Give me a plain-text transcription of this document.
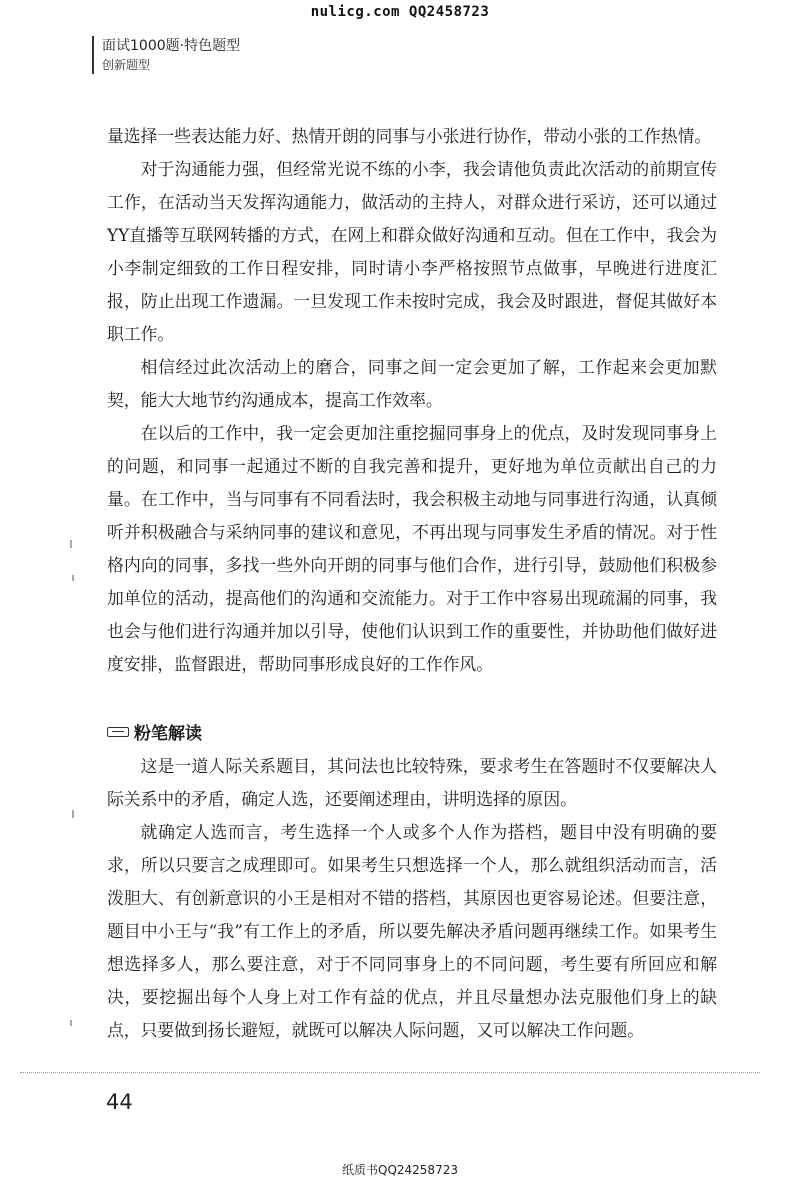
nulicg.com QQ2458723
面试1000题·特色题型
创新题型

量选择一些表达能力好、热情开朗的同事与小张进行协作，带动小张的工作热情。

对于沟通能力强，但经常光说不练的小李，我会请他负责此次活动的前期宣传工作，在活动当天发挥沟通能力，做活动的主持人，对群众进行采访，还可以通过YY直播等互联网转播的方式，在网上和群众做好沟通和互动。但在工作中，我会为小李制定细致的工作日程安排，同时请小李严格按照节点做事，早晚进行进度汇报，防止出现工作遗漏。一旦发现工作未按时完成，我会及时跟进，督促其做好本职工作。

相信经过此次活动上的磨合，同事之间一定会更加了解，工作起来会更加默契，能大大地节约沟通成本，提高工作效率。

在以后的工作中，我一定会更加注重挖掘同事身上的优点，及时发现同事身上的问题，和同事一起通过不断的自我完善和提升，更好地为单位贡献出自己的力量。在工作中，当与同事有不同看法时，我会积极主动地与同事进行沟通，认真倾听并积极融合与采纳同事的建议和意见，不再出现与同事发生矛盾的情况。对于性格内向的同事，多找一些外向开朗的同事与他们合作，进行引导，鼓励他们积极参加单位的活动，提高他们的沟通和交流能力。对于工作中容易出现疏漏的同事，我也会与他们进行沟通并加以引导，使他们认识到工作的重要性，并协助他们做好进度安排，监督跟进，帮助同事形成良好的工作作风。

粉笔解读

这是一道人际关系题目，其问法也比较特殊，要求考生在答题时不仅要解决人际关系中的矛盾，确定人选，还要阐述理由，讲明选择的原因。

就确定人选而言，考生选择一个人或多个人作为搭档，题目中没有明确的要求，所以只要言之成理即可。如果考生只想选择一个人，那么就组织活动而言，活泼胆大、有创新意识的小王是相对不错的搭档，其原因也更容易论述。但要注意，题目中小王与“我”有工作上的矛盾，所以要先解决矛盾问题再继续工作。如果考生想选择多人，那么要注意，对于不同同事身上的不同问题，考生要有所回应和解决，要挖掘出每个人身上对工作有益的优点，并且尽量想办法克服他们身上的缺点，只要做到扬长避短，就既可以解决人际问题，又可以解决工作问题。

44
纸质书QQ24258723
